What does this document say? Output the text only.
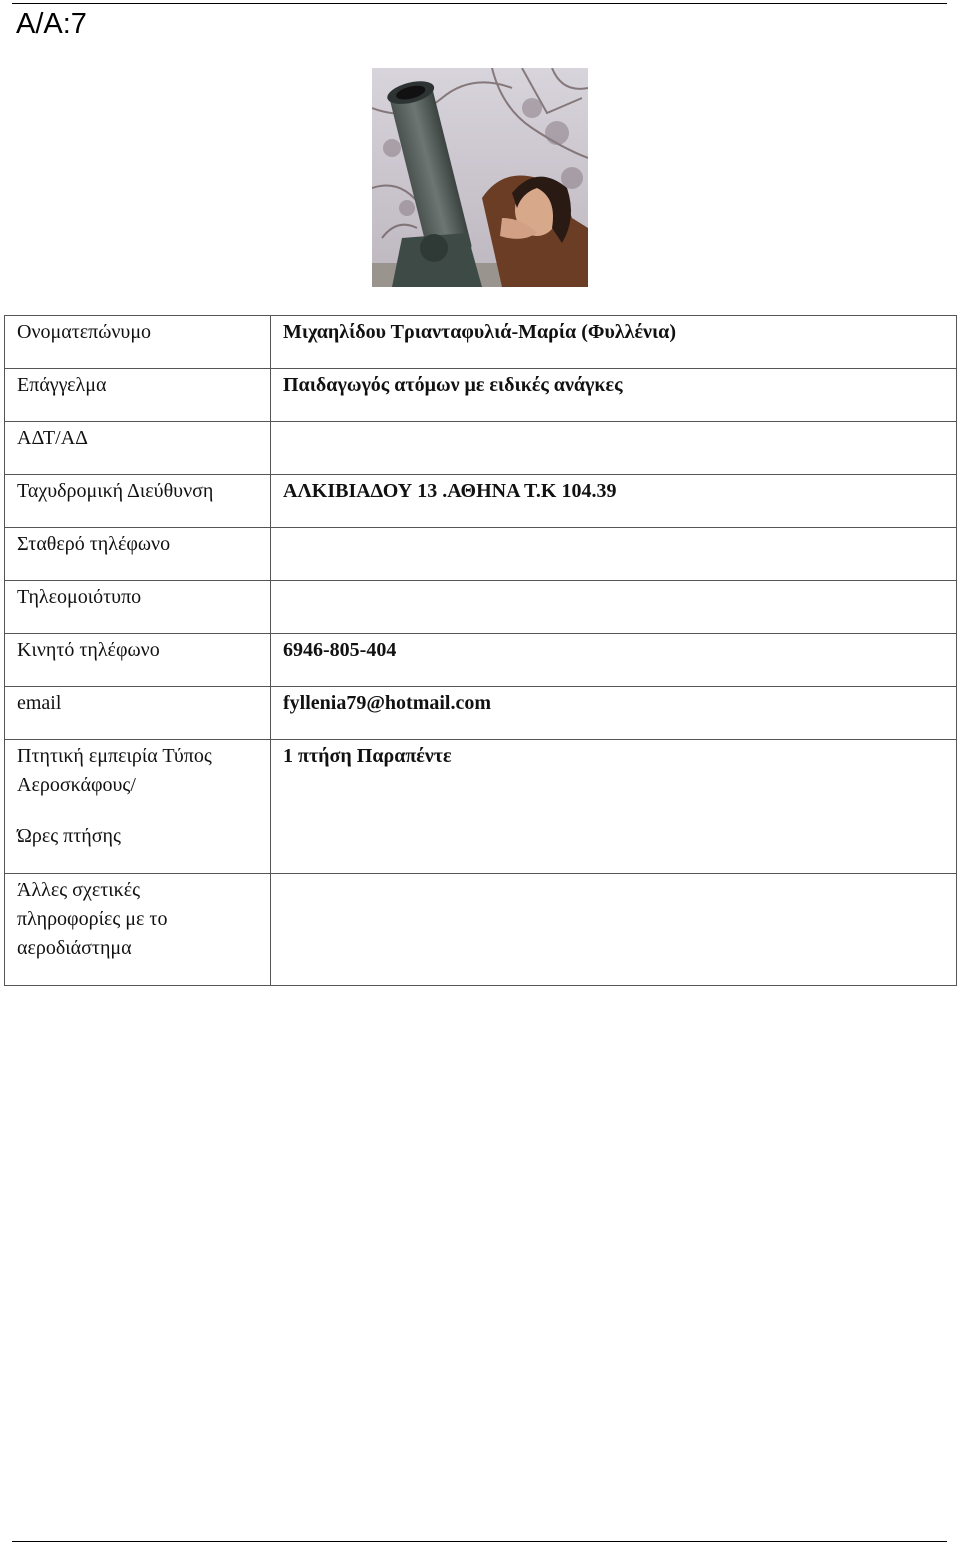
Α/Α:7
Ονοματεπώνυμο	Μιχαηλίδου Τριανταφυλιά-Μαρία (Φυλλένια)
Επάγγελμα	Παιδαγωγός ατόμων με ειδικές ανάγκες
ΑΔΤ/ΑΔ	
Ταχυδρομική Διεύθυνση	ΑΛΚΙΒΙΑΔΟΥ 13 .ΑΘΗΝΑ Τ.Κ 104.39
Σταθερό τηλέφωνο	
Τηλεομοιότυπο	
Κινητό τηλέφωνο	6946-805-404
email	fyllenia79@hotmail.com

Πτητική εμπειρία Τύπος
Αεροσκάφους/
Ώρες πτήσης	1 πτήση Παραπέντε

Άλλες σχετικές
πληροφορίες με το
αεροδιάστημα	
